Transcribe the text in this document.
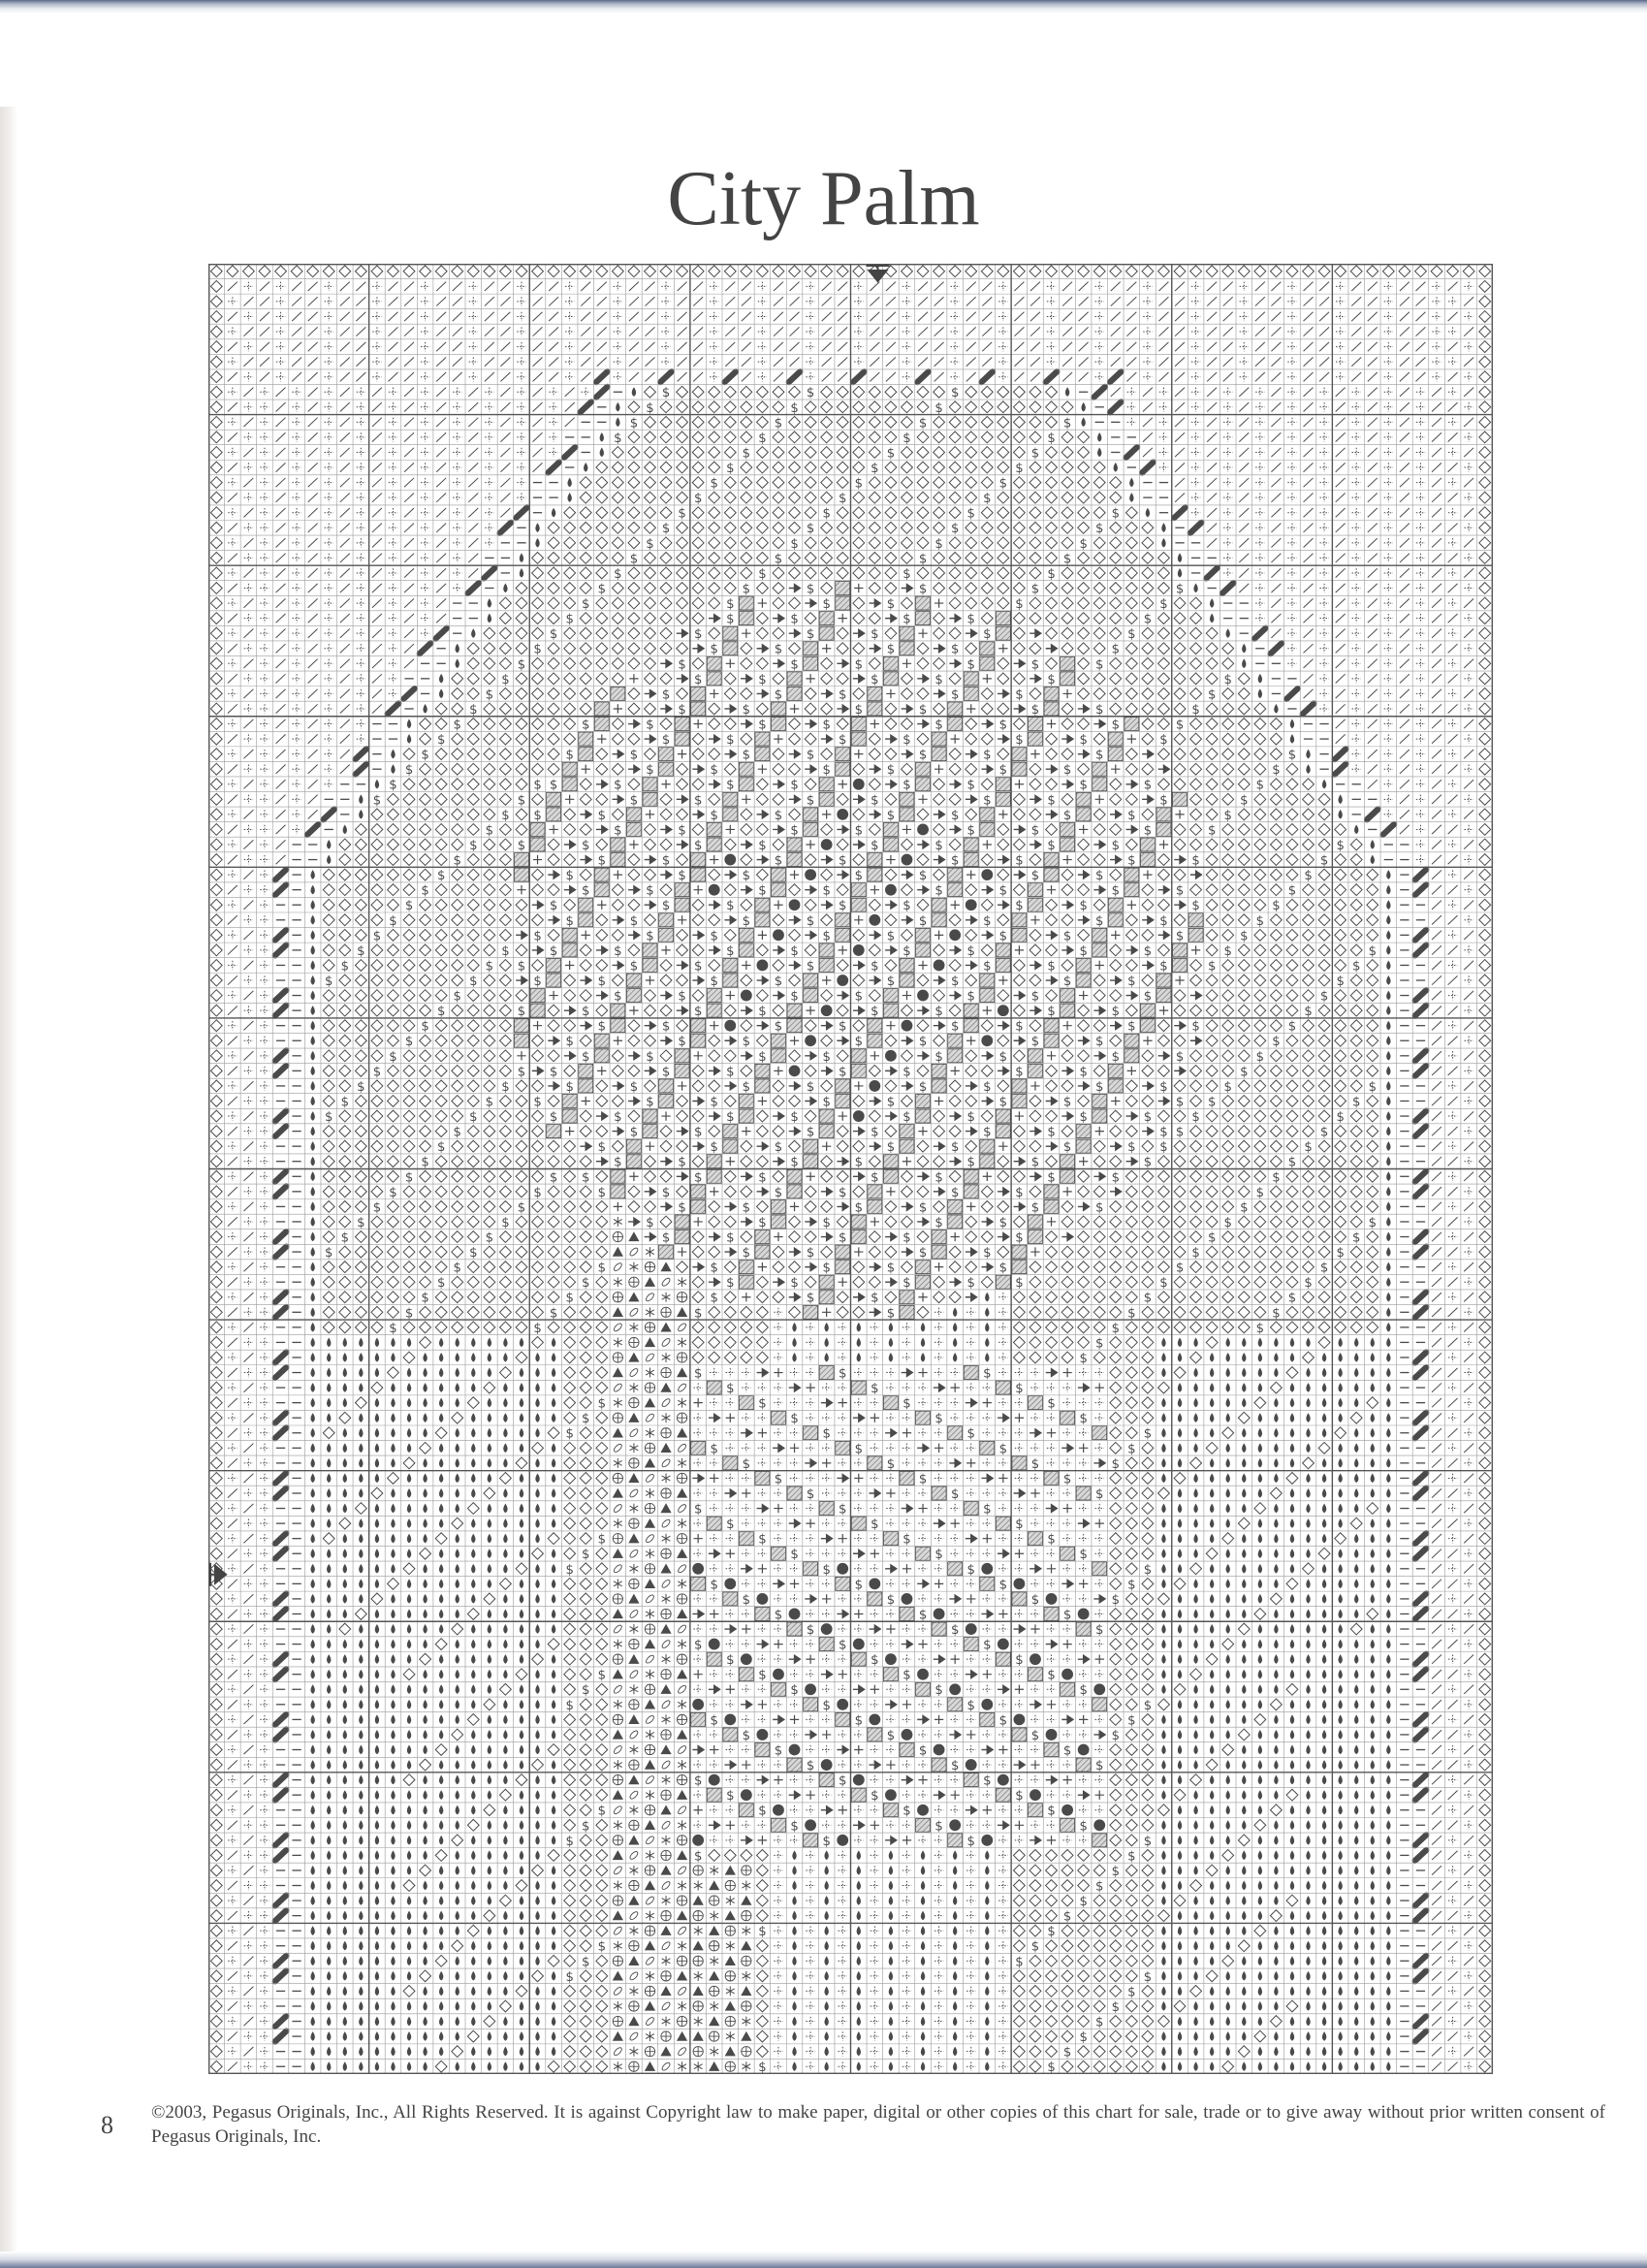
City Palm
$	$	$
$	$	$
$	$	$	$
$	$	$	$
$	$	$
$	$	$
$	$	$
$	$	$
$	$	$	$
$	$	$	$
$	$	$	$
$	$	$	$
$	$	$	$
$	$	$	$	$	$
$	$	$	$	$	$
$	$	$	$	$	$
$	$	$	$	$	$
$	$	$	$	$	$
$	$	$	$	$	$	$
$	$	$	$	$	$	$
$	$	$	$	$	$	$
$	$	$	$	$	$	$	$
$	$	$	$	$	$	$	$	$
$	$	$	$	$	$	$	$
$	$	$	$	$	$	$	$	$
$	$	$	$	$	$	$	$
$	$ $	$	$	$	$	$	$	$	$
$	$	$	$	$	$	$	$	$	$
$ $	$	$	$	$	$	$	$	$
$	$	$	$	$	$	$	$	$
$	$	$	$	$	$	$	$	$	$
$	$	$	$	$	$	$	$	$	$
$	$	$	$	$	$	$	$	$
$	$	$	$	$	$	$	$	$	$
$	$	$	$	$	$	$	$	$	$
$	$	$	$	$	$	$	$	$	$
$	$	$	$	$	$	$	$	$	$
$	$	$	$	$	$	$	$	$	$	$	$
$	$ $	$	$	$	$	$	$	$	$	$
$	$	$	$	$	$	$	$	$	$	$
$	$	$	$	$	$	$	$	$
$	$	$	$	$	$	$	$	$	$
$	$	$	$	$	$	$	$	$	$
$	$	$	$	$	$	$	$	$
$	$	$	$	$	$	$	$	$	$
$	$ $	$	$	$	$	$	$	$
$	$	$	$	$	$	$	$	$	$	$	$
$	$	$	$	$	$	$	$	$	$ $	$
$	$	$	$	$	$	$	$	$	$	$	$
$	$	$	$	$	$	$	$ $	$
$	$	$	$	$	$	$	$ $	$
$	$	$	$	$	$	$	$	$
$	$ $	$	$	$	$	$	$	$
$	$	$	$	$	$	$	$	$
$	$	$	$	$	$	$	$	$
$	$	$	$	$	$	$	$	$
$	$	$	$	$	$	$	$	$
$	$	$	$	$	$	$	$
$	$	$	$	$	$	$	$
$	$	$	$	$	$	$	$	$
$	$	$	$	$	$	$
$	$	$	$	$	$
$	$	$	$
$
$
$	$	$
$	$	$
$	$	$	$
$	$	$	$
$	$	$	$
$	$	$	$
$	$	$	$
$	$	$
$	$	$
$	$	$
$	$	$
$	$	$	$
$	$	$	$
$	$	$	$
$	$	$	$
$	$	$	$
$	$	$
$	$	$
$	$	$
$	$	$
$	$	$	$
$	$	$	$
$	$	$	$
$	$	$	$
$	$	$	$
$	$	$
$	$	$
$	$	$
$	$	$
$	$	$	$
$	$	$	$
$	$	$	$
$	$
$
$
$
$
$	$
$	$
$	$
$	$
$
$
$
$
$
$	$
8 ©2003, Pegasus Originals, Inc., All Rights Reserved. It is against Copyright law to make paper, digital or other copies of this chart for sale, trade or to give away without prior written consent of Pegasus Originals, Inc.
